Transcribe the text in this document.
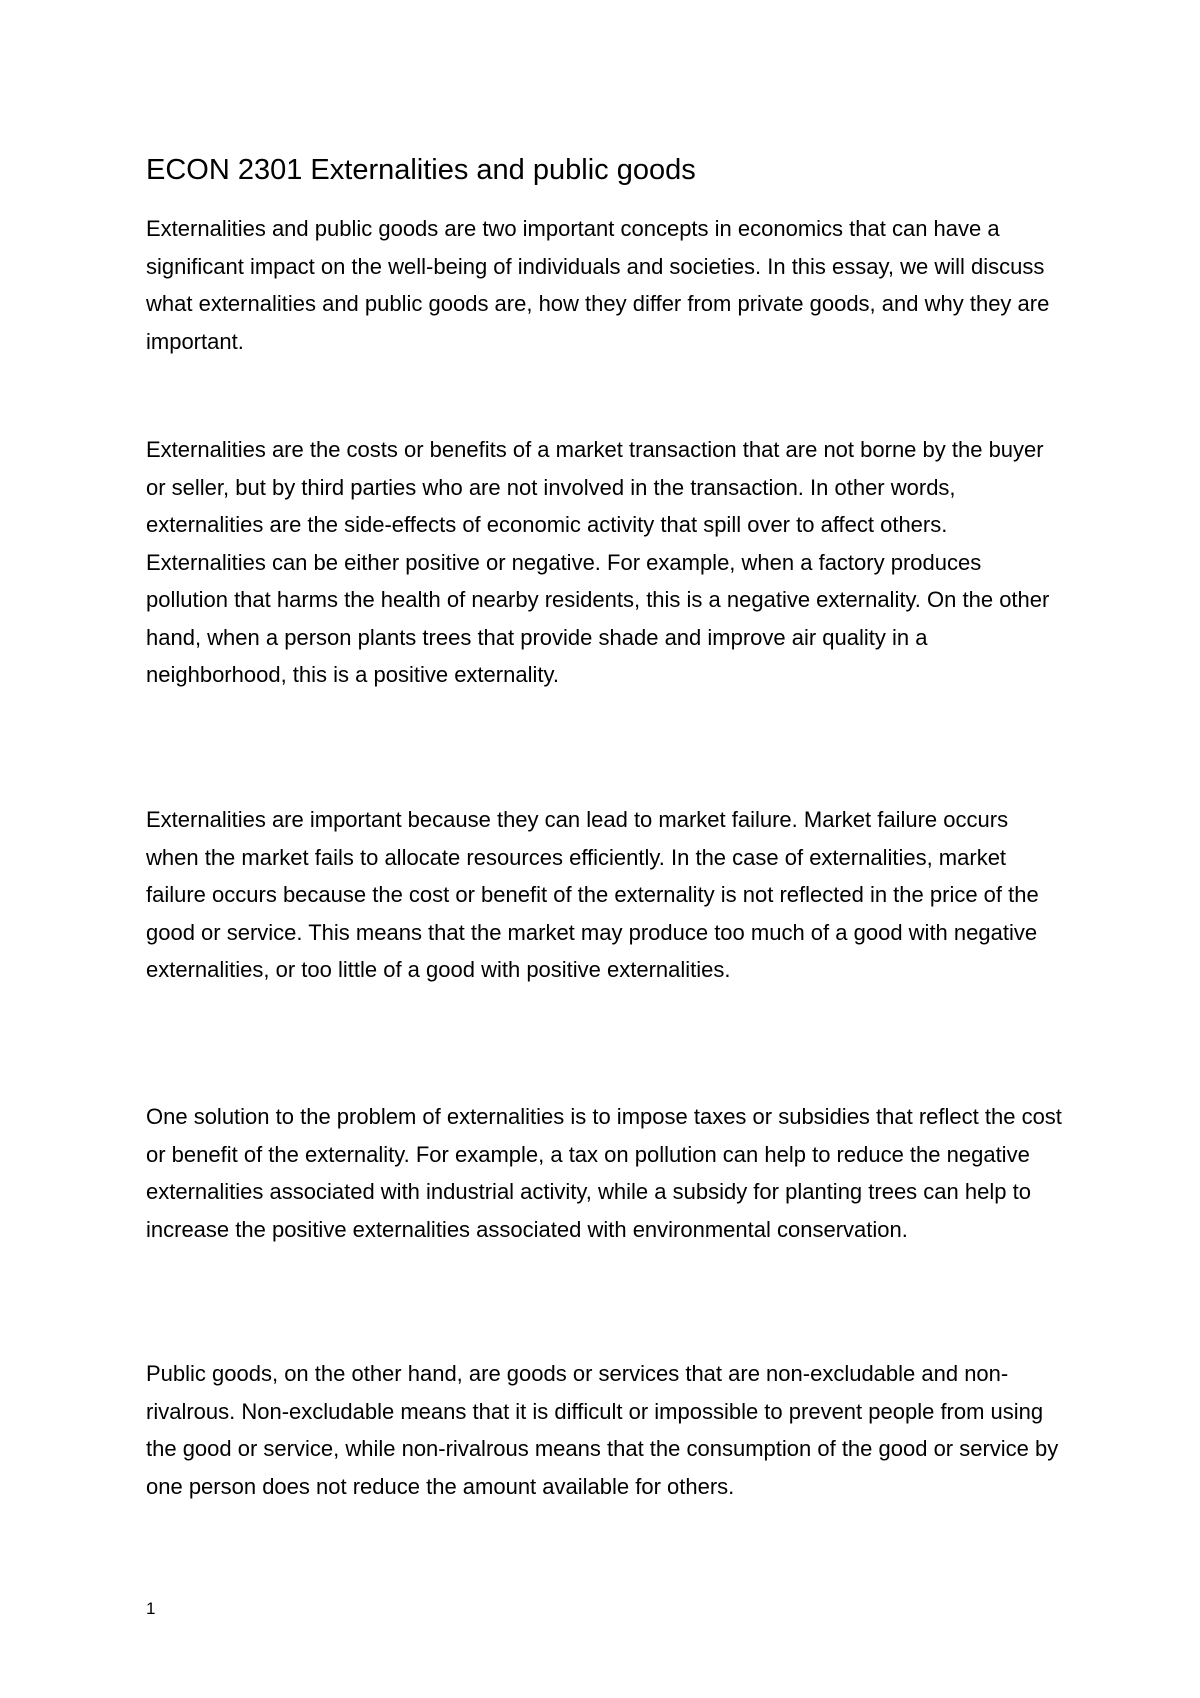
ECON 2301 Externalities and public goods

Externalities and public goods are two important concepts in economics that can have a significant impact on the well-being of individuals and societies. In this essay, we will discuss what externalities and public goods are, how they differ from private goods, and why they are important.

Externalities are the costs or benefits of a market transaction that are not borne by the buyer or seller, but by third parties who are not involved in the transaction. In other words, externalities are the side-effects of economic activity that spill over to affect others. Externalities can be either positive or negative. For example, when a factory produces pollution that harms the health of nearby residents, this is a negative externality. On the other hand, when a person plants trees that provide shade and improve air quality in a neighborhood, this is a positive externality.

Externalities are important because they can lead to market failure. Market failure occurs when the market fails to allocate resources efficiently. In the case of externalities, market failure occurs because the cost or benefit of the externality is not reflected in the price of the good or service. This means that the market may produce too much of a good with negative externalities, or too little of a good with positive externalities.

One solution to the problem of externalities is to impose taxes or subsidies that reflect the cost or benefit of the externality. For example, a tax on pollution can help to reduce the negative externalities associated with industrial activity, while a subsidy for planting trees can help to increase the positive externalities associated with environmental conservation.

Public goods, on the other hand, are goods or services that are non-excludable and non-rivalrous. Non-excludable means that it is difficult or impossible to prevent people from using the good or service, while non-rivalrous means that the consumption of the good or service by one person does not reduce the amount available for others.

1
